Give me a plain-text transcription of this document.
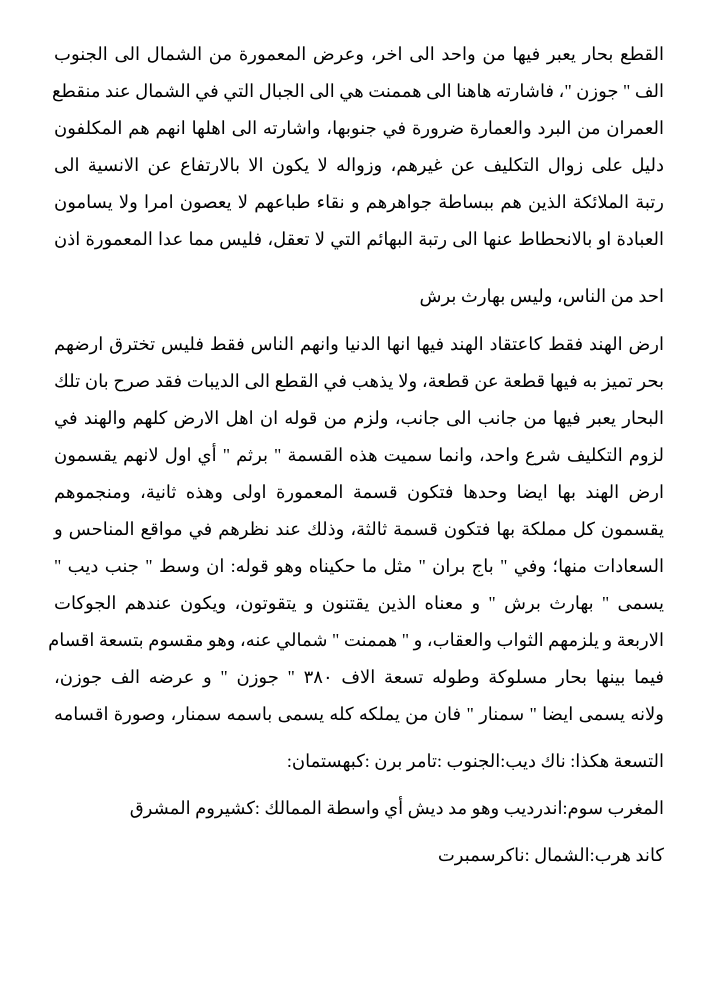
القطع بحار يعبر فيها من واحد الى اخر، وعرض المعمورة من الشمال الى الجنوب
الف " جوزن "، فاشارته هاهنا الى هممنت هي الى الجبال التي في الشمال عند منقطع
العمران من البرد والعمارة ضرورة في جنوبها، واشارته الى اهلها انهم هم المكلفون
دليل على زوال التكليف عن غيرهم، وزواله لا يكون الا بالارتفاع عن الانسية الى
رتبة الملائكة الذين هم ببساطة جواهرهم و نقاء طباعهم لا يعصون امرا ولا يسامون
العبادة او بالانحطاط عنها الى رتبة البهائم التي لا تعقل، فليس مما عدا المعمورة اذن
احد من الناس، وليس بهارث برش
ارض الهند فقط كاعتقاد الهند فيها انها الدنيا وانهم الناس فقط فليس تخترق ارضهم
بحر تميز به فيها قطعة عن قطعة، ولا يذهب في القطع الى الديبات فقد صرح بان تلك
البحار يعبر فيها من جانب الى جانب، ولزم من قوله ان اهل الارض كلهم والهند في
لزوم التكليف شرع واحد، وانما سميت هذه القسمة " برثم " أي اول لانهم يقسمون
ارض الهند بها ايضا وحدها فتكون قسمة المعمورة اولى وهذه ثانية، ومنجموهم
يقسمون كل مملكة بها فتكون قسمة ثالثة، وذلك عند نظرهم في مواقع المناحس و
السعادات منها؛ وفي " باج بران " مثل ما حكيناه وهو قوله: ان وسط " جنب ديب "
يسمى " بهارث برش " و معناه الذين يقتنون و يتقوتون، ويكون عندهم الجوكات
الاربعة و يلزمهم الثواب والعقاب، و " هممنت " شمالي عنه، وهو مقسوم بتسعة اقسام
فيما بينها بحار مسلوكة وطوله تسعة الاف ٣٨٠ " جوزن " و عرضه الف جوزن،
ولانه يسمى ايضا " سمنار " فان من يملكه كله يسمى باسمه سمنار، وصورة اقسامه
التسعة هكذا: ناك ديب:الجنوب :تامر برن :كبهستمان:
المغرب سوم:اندرديب وهو مد ديش أي واسطة الممالك :كشيروم المشرق
كاند هرب:الشمال :ناكرسمبرت
